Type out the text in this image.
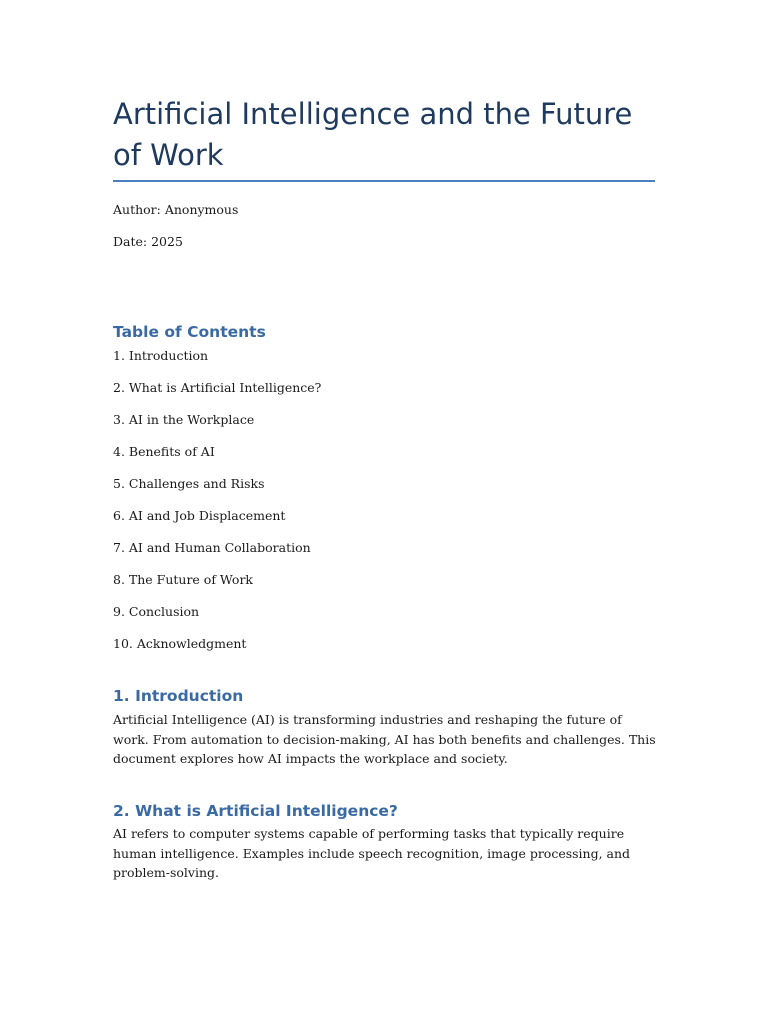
Artificial Intelligence and the Future of Work

Author: Anonymous

Date: 2025

Table of Contents

1. Introduction

2. What is Artificial Intelligence?

3. AI in the Workplace

4. Benefits of AI

5. Challenges and Risks

6. AI and Job Displacement

7. AI and Human Collaboration

8. The Future of Work

9. Conclusion

10. Acknowledgment

1. Introduction

Artificial Intelligence (AI) is transforming industries and reshaping the future of work. From automation to decision-making, AI has both benefits and challenges. This document explores how AI impacts the workplace and society.

2. What is Artificial Intelligence?

AI refers to computer systems capable of performing tasks that typically require human intelligence. Examples include speech recognition, image processing, and problem-solving.
